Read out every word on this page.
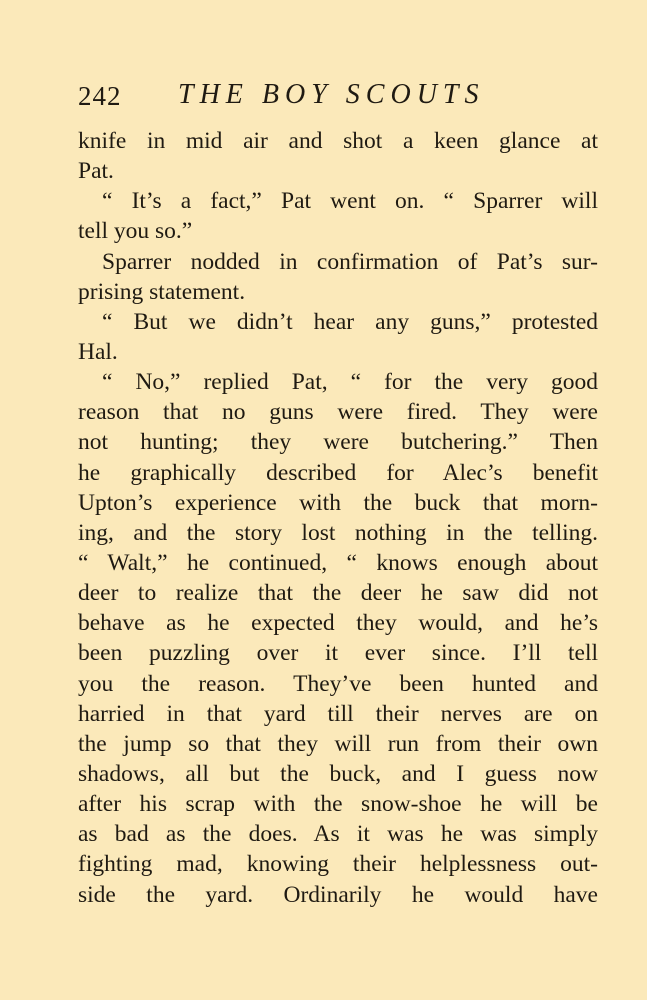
242 THE BOY SCOUTS
knife in mid air and shot a keen glance at
Pat.
“ It’s a fact,” Pat went on. “ Sparrer will
tell you so.”
Sparrer nodded in confirmation of Pat’s sur-
prising statement.
“ But we didn’t hear any guns,” protested
Hal.
“ No,” replied Pat, “ for the very good
reason that no guns were fired. They were
not hunting; they were butchering.” Then
he graphically described for Alec’s benefit
Upton’s experience with the buck that morn-
ing, and the story lost nothing in the telling.
“ Walt,” he continued, “ knows enough about
deer to realize that the deer he saw did not
behave as he expected they would, and he’s
been puzzling over it ever since. I’ll tell
you the reason. They’ve been hunted and
harried in that yard till their nerves are on
the jump so that they will run from their own
shadows, all but the buck, and I guess now
after his scrap with the snow-shoe he will be
as bad as the does. As it was he was simply
fighting mad, knowing their helplessness out-
side the yard. Ordinarily he would have
